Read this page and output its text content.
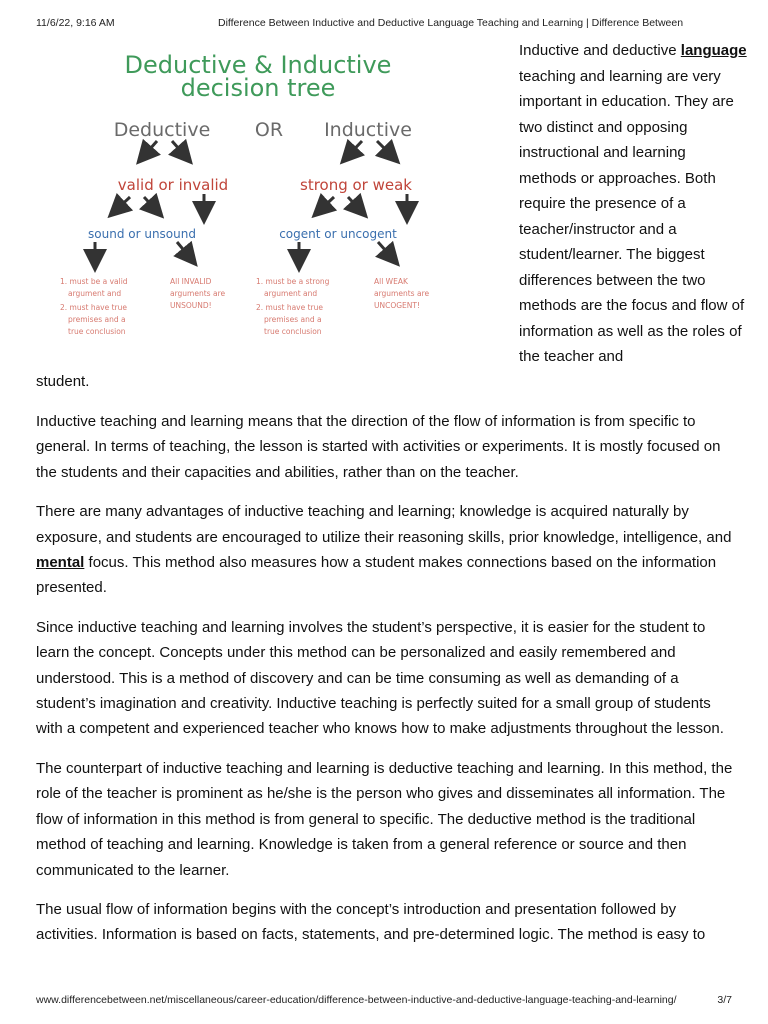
11/6/22, 9:16 AM	Difference Between Inductive and Deductive Language Teaching and Learning | Difference Between
Deductive & Inductive
decision tree
Deductive OR Inductive
valid or invalid	strong or weak
sound or unsound	cogent or uncogent
1. must be a valid
argument and
2. must have true
premises and a
true conclusion
All INVALID
arguments are
UNSOUND!
1. must be a strong
argument and
2. must have true
premises and a
true conclusion
All WEAK
arguments are
UNCOGENT!
Inductive and deductive language teaching and learning are very important in education. They are two distinct and opposing instructional and learning methods or approaches. Both require the presence of a teacher/instructor and a student/learner. The biggest differences between the two methods are the focus and flow of information as well as the roles of the teacher and
student.

Inductive teaching and learning means that the direction of the flow of information is from specific to general. In terms of teaching, the lesson is started with activities or experiments. It is mostly focused on the students and their capacities and abilities, rather than on the teacher.

There are many advantages of inductive teaching and learning; knowledge is acquired naturally by exposure, and students are encouraged to utilize their reasoning skills, prior knowledge, intelligence, and mental focus. This method also measures how a student makes connections based on the information presented.

Since inductive teaching and learning involves the student’s perspective, it is easier for the student to learn the concept. Concepts under this method can be personalized and easily remembered and understood. This is a method of discovery and can be time consuming as well as demanding of a student’s imagination and creativity. Inductive teaching is perfectly suited for a small group of students with a competent and experienced teacher who knows how to make adjustments throughout the lesson.

The counterpart of inductive teaching and learning is deductive teaching and learning. In this method, the role of the teacher is prominent as he/she is the person who gives and disseminates all information. The flow of information in this method is from general to specific. The deductive method is the traditional method of teaching and learning. Knowledge is taken from a general reference or source and then communicated to the learner.

The usual flow of information begins with the concept’s introduction and presentation followed by activities. Information is based on facts, statements, and pre-determined logic. The method is easy to

www.differencebetween.net/miscellaneous/career-education/difference-between-inductive-and-deductive-language-teaching-and-learning/	3/7
